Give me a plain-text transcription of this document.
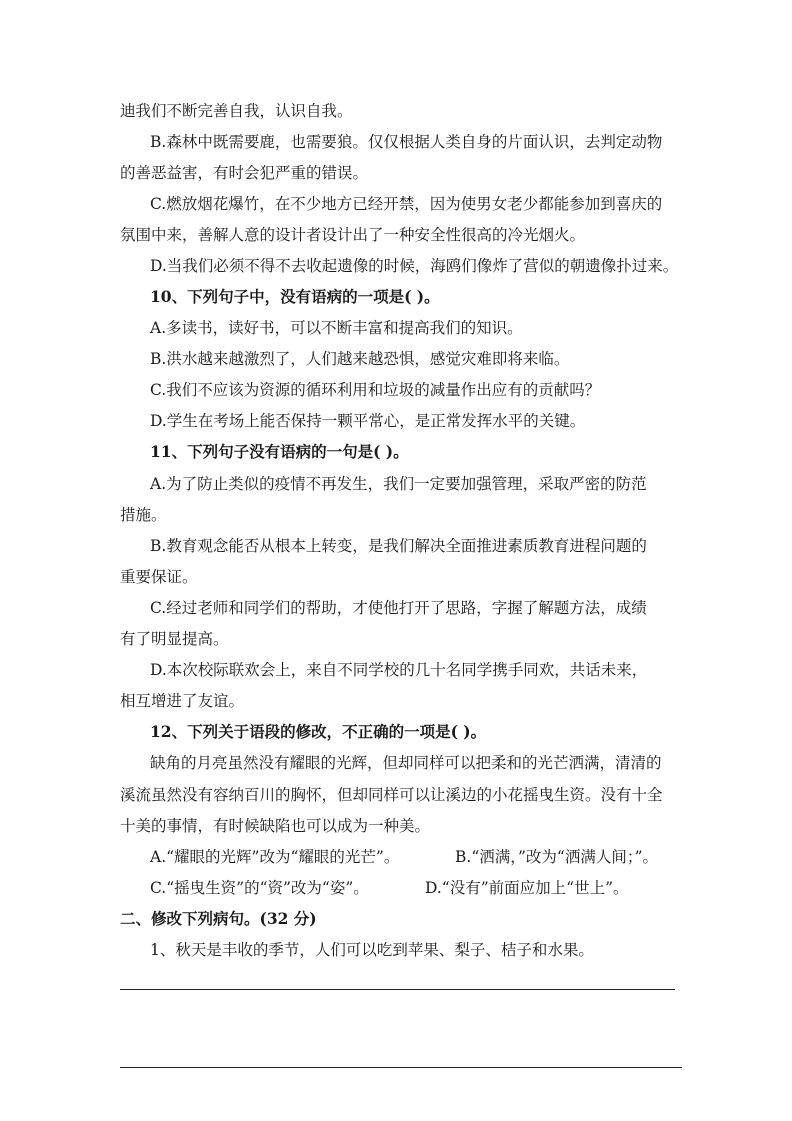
迪我们不断完善自我，认识自我。
B.森林中既需要鹿，也需要狼。仅仅根据人类自身的片面认识，去判定动物
的善恶益害，有时会犯严重的错误。
C.燃放烟花爆竹，在不少地方已经开禁，因为使男女老少都能参加到喜庆的
氛围中来，善解人意的设计者设计出了一种安全性很高的冷光烟火。
D.当我们必须不得不去收起遗像的时候，海鸥们像炸了营似的朝遗像扑过来。
10、下列句子中，没有语病的一项是( )。
A.多读书，读好书，可以不断丰富和提高我们的知识。
B.洪水越来越激烈了，人们越来越恐惧，感觉灾难即将来临。
C.我们不应该为资源的循环利用和垃圾的减量作出应有的贡献吗？
D.学生在考场上能否保持一颗平常心，是正常发挥水平的关键。
11、下列句子没有语病的一句是( )。
A.为了防止类似的疫情不再发生，我们一定要加强管理，采取严密的防范
措施。
B.教育观念能否从根本上转变，是我们解决全面推进素质教育进程问题的
重要保证。
C.经过老师和同学们的帮助，才使他打开了思路，字握了解题方法，成绩
有了明显提高。
D.本次校际联欢会上，来自不同学校的几十名同学携手同欢，共话未来，
相互增进了友谊。
12、下列关于语段的修改，不正确的一项是( )。
缺角的月亮虽然没有耀眼的光辉，但却同样可以把柔和的光芒洒满，清清的
溪流虽然没有容纳百川的胸怀，但却同样可以让溪边的小花摇曳生资。没有十全
十美的事情，有时候缺陷也可以成为一种美。
A.“耀眼的光辉”改为“耀眼的光芒”。	B.“洒满，”改为“洒满人间；”。
C.“摇曳生资”的“资”改为“姿”。	D.“没有”前面应加上“世上”。
二、修改下列病句。(32 分)
1、秋天是丰收的季节，人们可以吃到苹果、梨子、桔子和水果。
